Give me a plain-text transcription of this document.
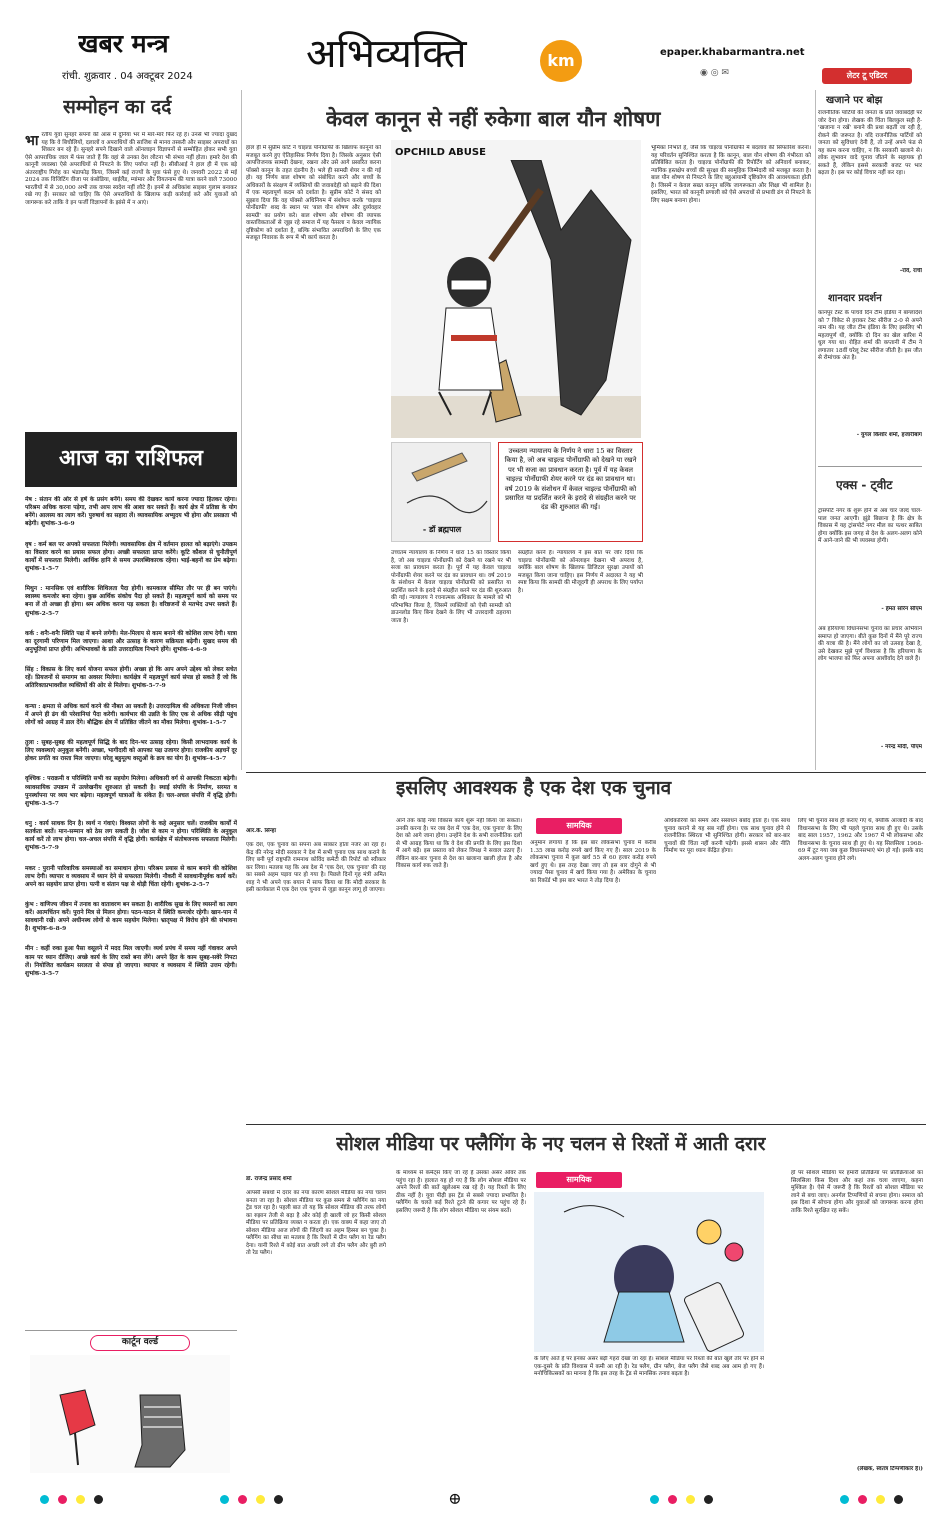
खबर मन्त्र
रांची. शुक्रवार . 04 अक्टूबर 2024	अभिव्यक्ति	km	epaper.khabarmantra.net
◉ ◎ ✉
सम्मोहन का दर्द
भा रतीय युवा सुनहरे सपनों की आस में दुनिया भर में मारे-मारे फिर रहे हैं। उनसे भी ज्यादा दुखद यह कि वे बिचौलियों, दलालों व अपराधियों की साजिश से मानव तस्करी और साइबर अपराधों का शिकार बन रहे हैं। सुनहरे सपने दिखाने वाले ऑनलाइन विज्ञापनों से सम्मोहित होकर सभी युवा ऐसे आपराधिक जाल में फंस जाते हैं कि वहां से उनका देश लौटना भी संभव नहीं होता। हमारे देश की कानूनी व्यवस्था ऐसे अपराधियों से निपटने के लिए पर्याप्त नहीं है। सीबीआई ने हाल ही में एक बड़े अंतरराष्ट्रीय गिरोह का भंडाफोड़ किया, जिसमें कई राज्यों के युवा फंसे हुए थे। जनवरी 2022 से मई 2024 तक विजिटिंग वीजा पर कंबोडिया, थाईलैंड, म्यांमार और वियतनाम की यात्रा करने वाले 73000 भारतीयों में से 30,000 अभी तक वापस स्वदेश नहीं लौटे हैं। इनमें से अधिकांश साइबर गुलाम बनाकर रखे गए हैं। सरकार को चाहिए कि ऐसे अपराधियों के खिलाफ कड़ी कार्रवाई करे और युवाओं को जागरूक करे ताकि वे इन फर्जी विज्ञापनों के झांसे में न आएं।
आज का राशिफल

मेष : संतान की ओर से हर्ष के प्रसंग बनेंगे। समय की देखकर कार्य करना ज्यादा हितकर रहेगा। परिश्रम अधिक करना पड़ेगा, तभी आप लाभ की आशा कर सकते हैं। कार्य क्षेत्र में प्रतिष्ठा के योग बनेंगे। आलस्य का त्याग करें। पुरुषार्थ का सहारा लें। व्यावसायिक अभ्युदय भी होगा और प्रसन्नता भी बढ़ेगी। शुभांक-3-6-9

वृष : कर्म बल पर अपको सफलता मिलेगी। व्यावसायिक क्षेत्र में वर्तमान हालत को बढ़ाएंगे। उपक्रम का विस्तार करने का प्रयास सफल होगा। अच्छी सफलता प्राप्त करेंगे। कूटि कौशल से चुनौतीपूर्ण कार्यों में सफलता मिलेगी। आर्थिक हानि से समय उपलब्धिकारक रहेगा। भाई-बहनों का प्रेम बढ़ेगा। शुभांक-1-5-7

मिथुन : मानसिक एवं शारीरिक शिथिलता पैदा होगी। कामकाज सीमित तौर पर ही बन पाएंगे। स्वास्थ्य कमजोर बना रहेगा। कुछ आर्थिक संकोच पैदा हो सकते हैं। महत्वपूर्ण कार्य को समय पर बना लें तो अच्छा ही होगा। श्रम अधिक करना पड़ सकता है। वरिष्ठजनों से मतभेद उभर सकते हैं। शुभांक-2-5-7

कर्क : शनैः-शनैः स्थिति पक्ष में बनने लगेगी। मेल-मिलाप से काम बनाने की कोशिश लाभ देगी। यात्रा का दूरगामी परिणाम मिल जाएगा। आशा और उत्साह के कारण सक्रियता बढ़ेगी। सुखद समय की अनुभूतियां प्राप्त होंगी। अभिभावकों के प्रति उत्तरदायित्व निभाने होंगे। शुभांक-4-6-9

सिंह : विकास के लिए कार्य योजना सफल होगी। अच्छा हो कि आप अपने उद्देश्य को लेकर सचेत रहें। प्रियजनों से समागम का अवसर मिलेगा। कार्यक्षेत्र में महत्वपूर्ण कार्य संपन्न हो सकते हैं जो कि अतिरिक्तप्रभावशील व्यक्तियों की ओर से मिलेगा। शुभांक-5-7-9

कन्या : क्षमता से अधिक कार्य करने की नौबत आ सकती है। उत्तरदायित्व की अधिकता निजी जीवन में अपने ही ढंग की परेशानियां पैदा करेगी। कार्यभार की उन्नति के लिए एक से अधिक सीढ़ी पहुंच लोगों को आग्रह में डाल देंगे। बौद्धिक क्षेत्र में प्रतिष्ठित जीतने का मौका मिलेगा। शुभांक-1-5-7

तुला : सुबह-सुबह की महत्वपूर्ण सिद्धि के बाद दिन-भर उत्साह रहेगा। किसी लाभदायक कार्य के लिए व्यवस्थाएं अनुकूल बनेंगी। अच्छा, भागीदारी को आपका पक्ष उजागर होगा। राजकीय अड़चनें दूर होकर प्रगति का रास्ता मिल जाएगा। घरेलू बहुमूल्य वस्तुओं के क्रय का योग है। शुभांक-4-5-7

वृश्चिक : पराक्रमी व परिस्थिति सभी का सहयोग मिलेगा। अधिकारी वर्ग से आपकी निकटता बढ़ेगी। व्यावसायिक उपक्रम में उल्लेखनीय शुरुआत हो सकती है। स्थाई संपत्ति के निर्माण, सरमत व पुनर्स्थापना पर व्यय भार बढ़ेगा। महत्वपूर्ण यात्राओं के संकेत हैं। चल-अचल संपत्ति में वृद्धि होगी। शुभांक-3-5-7

धनु : कार्य साधक दिन है। व्यर्थ न गंवाएं। विश्वस्त लोगों के कहे अनुसार चलें। राजकीय कार्यों में सतर्कता बरतें। मान-सम्मान को ठेस लग सकती है। जोश से काम न होगा। परिस्थिति के अनुकूल कार्य करें तो लाभ होगा। चल-अचल संपत्ति में वृद्धि होगी। कार्यक्षेत्र में संतोषजनक सफलता मिलेगी। शुभांक-5-7-9

मकर : पुरानी पारिवारिक समस्याओं का समाधान होगा। परिश्रम प्रयास से काम बनाने की कोशिश लाभ देगी। व्यापार व व्यवसाय में ध्यान देने से सफलता मिलेगी। नौकरी में सावधानीपूर्वक कार्य करें। अपने का सहयोग प्राप्त होगा। पत्नी व संतान पक्ष से थोड़ी चिंता रहेगी। शुभांक-2-5-7

कुंभ : वाणिज्य जीवन में तनाव का वातावरण बन सकता है। शारीरिक सुख के लिए व्यसनों का त्याग करें। आत्मचिंतन करें। पुराने मित्र से मिलन होगा। पठन-पाठन में स्थिति कमजोर रहेगी। खान-पान में सावधानी रखें। अपने अधीनस्थ लोगों से काम सहयोग मिलेगा। भ्रातृपक्ष में विरोध होने की संभावना है। शुभांक-6-8-9

मीन : कहीं रुका हुआ पैसा वसूलने में मदद मिल जाएगी। व्यर्थ प्रपंच में समय नहीं गंवाकर अपने काम पर ध्यान दीजिए। अच्छे कार्य के लिए रास्ते बना लेंगे। अपने हित के काम सुबह-सवेरे निपटा लें। नियोजित कार्यक्रम सरलता से संपन्न हो जाएगा। व्यापार व व्यवसाय में स्थिति उत्तम रहेगी। शुभांक-3-5-7

कार्टून वर्ल्ड
केवल कानून से नहीं रुकेगा बाल यौन शोषण
हाल ही में सुप्रीम कोर्ट ने चाइल्ड पोर्नोग्राफी के खिलाफ कानूनों को मजबूत करने हुए ऐतिहासिक निर्णय दिया है। जिसके अनुसार ऐसी आपत्तिजनक सामग्री देखना, रखना और उसे आगे प्रसारित करना पॉक्सो कानून के तहत दंडनीय है। भले ही सामग्री शेयर न की गई हो। यह निर्णय बाल शोषण को संबोधित करने और बच्चों के अधिकारों के संरक्षण में व्यक्तियों की जवाबदेही को बढ़ाने की दिशा में एक महत्वपूर्ण कदम को दर्शाता है। सुप्रीम कोर्ट ने संसद को सुझाव दिया कि वह पॉक्सो अधिनियम में संशोधन करके 'चाइल्ड पोर्नोग्राफी' शब्द के स्थान पर 'बाल यौन शोषण और दुर्व्यवहार सामग्री' का प्रयोग करे। बाल शोषण और शोषण की व्यापक वास्तविकताओं से जूझ रहे समाज में यह फैसला न केवल न्यायिक दृष्टिकोण को दर्शाता है, बल्कि संभावित अपराधियों के लिए एक मजबूत निवारक के रूप में भी कार्य करता है।
OPCHILD ABUSE	भूमिका निभाते हैं, जैसे कि चाइल्ड पोर्नोग्राफी में बदलाव की सिफारिश करना। यह परिवर्तन सुनिश्चित करता है कि कानून, बाल यौन शोषण की गंभीरता को प्रतिबिंबित करता है। चाइल्ड पोर्नोग्राफी की रिपोर्टिंग को अनिवार्य बनाकर, न्यायिक हस्तक्षेप बच्चों की सुरक्षा की सामूहिक जिम्मेदारी को मजबूत करता है। बाल यौन शोषण से निपटने के लिए बहुआयामी दृष्टिकोण की आवश्यकता होती है। जिसमें न केवल सख्त कानून बल्कि जागरूकता और शिक्षा भी शामिल है। इसलिए, भारत को कानूनी प्रणाली को ऐसे अपराधों से प्रभावी ढंग से निपटने के लिए सक्षम बनाना होगा।
- डॉ ब्रह्मपाल
उच्चतम न्यायालय के निर्णय ने धारा 15 का विस्तार किया है, जो अब चाइल्ड पोर्नोग्राफी को देखने या रखने पर भी सजा का प्रावधान करता है। पूर्व में यह केवल चाइल्ड पोर्नोग्राफी शेयर करने पर दंड का प्रावधान था। वर्ष 2019 के संशोधन में केवल चाइल्ड पोर्नोग्राफी को प्रसारित या प्रदर्शित करने के इरादे से संग्रहीत करने पर दंड की शुरुआत की गई।
उच्चतम न्यायालय के निर्णय ने धारा 15 का विस्तार किया है, जो अब चाइल्ड पोर्नोग्राफी को देखने या रखने पर भी सजा का प्रावधान करता है। पूर्व में यह केवल चाइल्ड पोर्नोग्राफी शेयर करने पर दंड का प्रावधान था। वर्ष 2019 के संशोधन में केवल चाइल्ड पोर्नोग्राफी को प्रसारित या प्रदर्शित करने के इरादे से संग्रहीत करने पर दंड की शुरुआत की गई। न्यायालय ने रचनात्मक अधिकार के मामले को भी परिभाषित किया है, जिसमें व्यक्तियों को ऐसी सामग्री को डाउनलोड किए बिना देखने के लिए भी उत्तरदायी ठहराया जाता है।
संग्रहीत करने हैं। न्यायालय ने इस बात पर जोर दिया कि चाइल्ड पोर्नोग्राफी को ऑनलाइन देखना भी अपराध है, क्योंकि बाल शोषण के खिलाफ डिजिटल सुरक्षा उपायों को मजबूत किया जाना चाहिए। इस निर्णय में अदालत ने यह भी स्पष्ट किया कि सामग्री की मौजूदगी ही अपराध के लिए पर्याप्त है।
लेटर टू एडिटर
खजाने पर बोझ
राजनीतिक पार्टियों की जनता के प्रति जवाबदेही पर जोर देना होगा। लेखक की चिंता बिलकुल सही है-'खजाना न रखें' बनाने की प्रथा बढ़ती जा रही है, रोकने की जरूरत है। यदि राजनीतिक पार्टियों को जनता को सुविधाएं देनी हैं, तो उन्हें अपने फंड से यह काम करना चाहिए, न कि सरकारी खजाने से। लोक लुभावन वादे चुनाव जीतने के सहायक हो सकते हैं, लेकिन इससे सरकारी बजट पर भार बढ़ता है। इस पर कोई विचार नहीं कर रहा।
-रवि, रांची
शानदार प्रदर्शन
कानपुर टेस्ट के पांचवें दिन टीम इंडिया ने बांग्लादेश को 7 विकेट से हराकर टेस्ट सीरीज 2-0 से अपने नाम की। यह जीत टीम इंडिया के लिए इसलिए भी महत्वपूर्ण थी, क्योंकि दो दिन का खेल बारिश में धुल गया था। रोहित शर्मा की कप्तानी में टीम ने लगातार 18वीं घरेलू टेस्ट सीरीज जीती है। इस जीत से रोमांचक अंत है।
- युगल किशोर शर्मा, हजारीबाग
एक्स - ट्वीट
ट्रांसपोर्ट नगर के शुरू होने से अब चार जल्द चाल-पाल जनत आएगी। झुंडे बिछाना है कि क्षेत्र के विकास में यह ट्रांसपोर्ट नगर मील का पत्थर साबित होगा क्योंकि इस जगह से देश के अलग-अलग कोने में आने-जाने की भी व्यवस्था होगी।
- हेमंत सोरेन सीएम
अब हरियाणा विधानसभा चुनाव का प्रचार अभियान समाप्त हो जाएगा। बीते कुछ दिनों में मैंने पूरे राज्य की यात्रा की है। मैंने लोगों का जो उत्साह देखा है, उसे देखकर मुझे पूर्ण विश्वास है कि हरियाणा के लोग भाजपा को फिर अपना आशीर्वाद देने वाले हैं।
- नरेन्द्र मोदी, पीएम
इसलिए आवश्यक है एक देश एक चुनाव
आर.के. सिन्हा
एक देश, एक चुनाव का सपना अब साकार होता नजर आ रहा है। केंद्र की नरेन्द्र मोदी सरकार ने देश में सभी चुनाव एक साथ कराने के लिए बनी पूर्व राष्ट्रपति रामनाथ कोविंद कमेटी की रिपोर्ट को स्वीकार कर लिया। मतलब यह कि अब देश में 'एक देश, एक चुनाव' की राह का सबसे अहम पड़ाव पार हो गया है। पिछले दिनों गृह मंत्री अमित शाह ने भी अपने एक बयान में साफ किया था कि मोदी सरकार के इसी कार्यकाल में एक देश एक चुनाव से जुड़ा कानून लागू हो जाएगा।
आने तक कोई नया विकास कार्य शुरू नहीं किया जा सकता। उनकी करना है। पर जब देश में 'एक देश, एक चुनाव' के लिए देश को आगे जाना होगा। उन्होंने देश के सभी राजनीतिक दलों से भी आग्रह किया था कि वे देश की प्रगति के लिए इस दिशा में आगे बढ़ें। इस प्रस्ताव को लेकर विपक्ष ने सवाल उठाए हैं। लेकिन बार-बार चुनाव से देश का खजाना खाली होता है और विकास कार्य रुक जाते हैं।
सामयिक
अनुमान लगाया है कि इस बार लोकसभा चुनाव में करीब 1.35 लाख करोड़ रुपये खर्च किए गए हैं। साल 2019 के लोकसभा चुनाव में कुल खर्च 55 से 60 हजार करोड़ रुपये खर्च हुए थे। इस तरह देखा जाए तो इस बार दोगुने से भी ज्यादा पैसा चुनाव में खर्च किया गया है। अमेरिका के चुनाव का रिकॉर्ड भी इस बार भारत ने तोड़ दिया है।
अधिकारियों का समय और संसाधन बर्बाद होता है। एक साथ चुनाव कराने से यह सब नहीं होगा। एक साथ चुनाव होने से राजनीतिक स्थिरता भी सुनिश्चित होगी। सरकार को बार-बार चुनावों की चिंता नहीं करनी पड़ेगी। इससे शासन और नीति निर्माण पर पूरा ध्यान केंद्रित होगा।
लिए भी चुनाव साथ ही कराए गए थे, क्योंकि आजादी के बाद विधानसभा के लिए भी पहले चुनाव साथ ही हुए थे। उसके बाद साल 1957, 1962 और 1967 में भी लोकसभा और विधानसभा के चुनाव साथ ही हुए थे। यह सिलसिला 1968-69 में टूट गया जब कुछ विधानसभाएं भंग हो गईं। इसके बाद अलग-अलग चुनाव होने लगे।
सोशल मीडिया पर फ्लैगिंग के नए चलन से रिश्तों में आती दरार
डॉ. राजेन्द्र प्रसाद शर्मा
आपसी संबंधों में दरार का नया कारण सोशल मीडिया का नया चलन बनता जा रहा है। सोशल मीडिया पर कुछ समय से फ्लैगिंग का नया ट्रेंड चल रहा है। पहली बात तो यह कि सोशल मीडिया की तरफ लोगों का रुझान तेजी से बढ़ा है और कोई ही खाली जो हर किसी सोशल मीडिया पर प्रतिक्रिया व्यक्त न करता हो। एक वाक्य में कहा जाए तो सोशल मीडिया आज लोगों की जिंदगी का अहम हिस्सा बन चुका है। फ्लैगिंग का सीधा सा मतलब है कि रिश्तों में ग्रीन फ्लैग या रेड फ्लैग देना। यानी रिश्ते में कोई बात अच्छी लगे तो ग्रीन फ्लैग और बुरी लगे तो रेड फ्लैग।
के माध्यम से कमेंट्स किए जा रहे हैं उसका असर ओवर तक पहुंच रहा है। हालात यह हो गए हैं कि लोग सोशल मीडिया पर अपने रिश्तों की बातें खुलेआम रख रहे हैं। यह रिश्तों के लिए ठीक नहीं है। युवा पीढ़ी इस ट्रेंड से सबसे ज्यादा प्रभावित है। फ्लैगिंग के चलते कई रिश्ते टूटने की कगार पर पहुंच रहे हैं। इसलिए जरूरी है कि लोग सोशल मीडिया पर संयम बरतें।
सामयिक
के लिए आते हैं पर इनका असर बढ़ी गहरा देखा जा रहा है। सोशल मीडिया पर रिश्तों की बात खुले तौर पर होने से एक-दूसरे के प्रति विश्वास में कमी आ रही है। रेड फ्लैग, ग्रीन फ्लैग, बेज फ्लैग जैसे शब्द अब आम हो गए हैं। मनोचिकित्सकों का मानना है कि इस तरह के ट्रेंड से मानसिक तनाव बढ़ता है।
हो पर सोशल मीडिया पर हमारी प्रतिक्रिया पर प्रतिक्रियाओं का सिलसिला किस दिशा और कहां तक चला जाएगा, कहना मुश्किल है। ऐसे में जरूरी है कि रिश्तों को सोशल मीडिया पर लाने से बचा जाए। अनर्गल टिप्पणियों से बचना होगा। समाज को इस दिशा में सोचना होगा और युवाओं को जागरूक करना होगा ताकि रिश्ते सुरक्षित रह सकें।
(लेखक, स्वतंत्र टिप्पणीकार हैं।)
⊕
